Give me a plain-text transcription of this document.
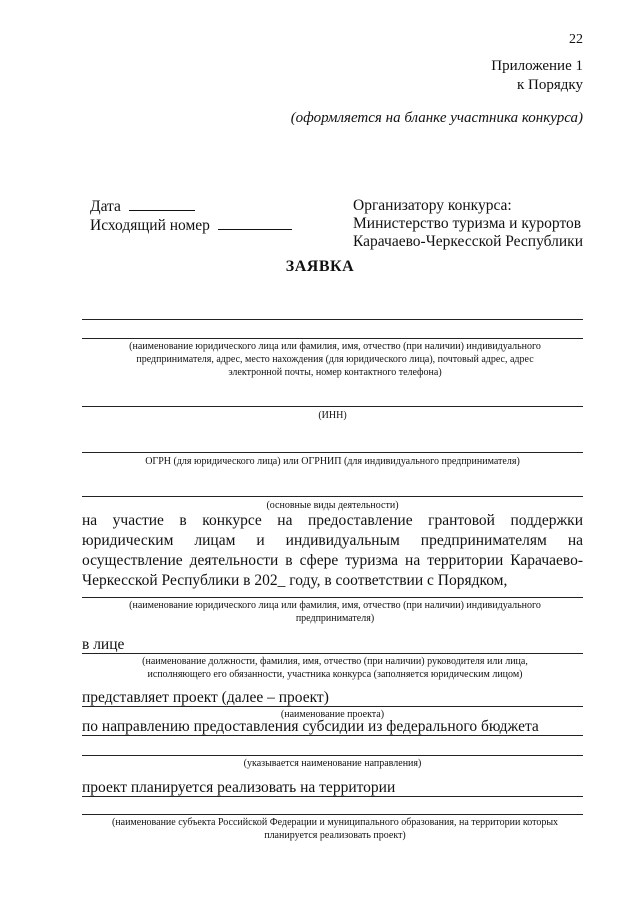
22
Приложение 1
к Порядку
(оформляется на бланке участника конкурса)
Дата
Исходящий номер
Организатору конкурса:
Министерство туризма и курортов
Карачаево-Черкесской Республики
ЗАЯВКА
(наименование юридического лица или фамилия, имя, отчество (при наличии) индивидуального предпринимателя, адрес, место нахождения (для юридического лица), почтовый адрес, адрес электронной почты, номер контактного телефона)
(ИНН)
ОГРН (для юридического лица) или ОГРНИП (для индивидуального предпринимателя)
(основные виды деятельности)
на участие в конкурсе на предоставление грантовой поддержки юридическим лицам и индивидуальным предпринимателям на осуществление деятельности в сфере туризма на территории Карачаево-Черкесской Республики в 202_ году, в соответствии с Порядком,
(наименование юридического лица или фамилия, имя, отчество (при наличии) индивидуального предпринимателя)
в лице
(наименование должности, фамилия, имя, отчество (при наличии) руководителя или лица, исполняющего его обязанности, участника конкурса (заполняется юридическим лицом)
представляет проект (далее – проект)
(наименование проекта)
по направлению предоставления субсидии из федерального бюджета
(указывается наименование направления)
проект планируется реализовать на территории
(наименование субъекта Российской Федерации и муниципального образования, на территории которых планируется реализовать проект)
